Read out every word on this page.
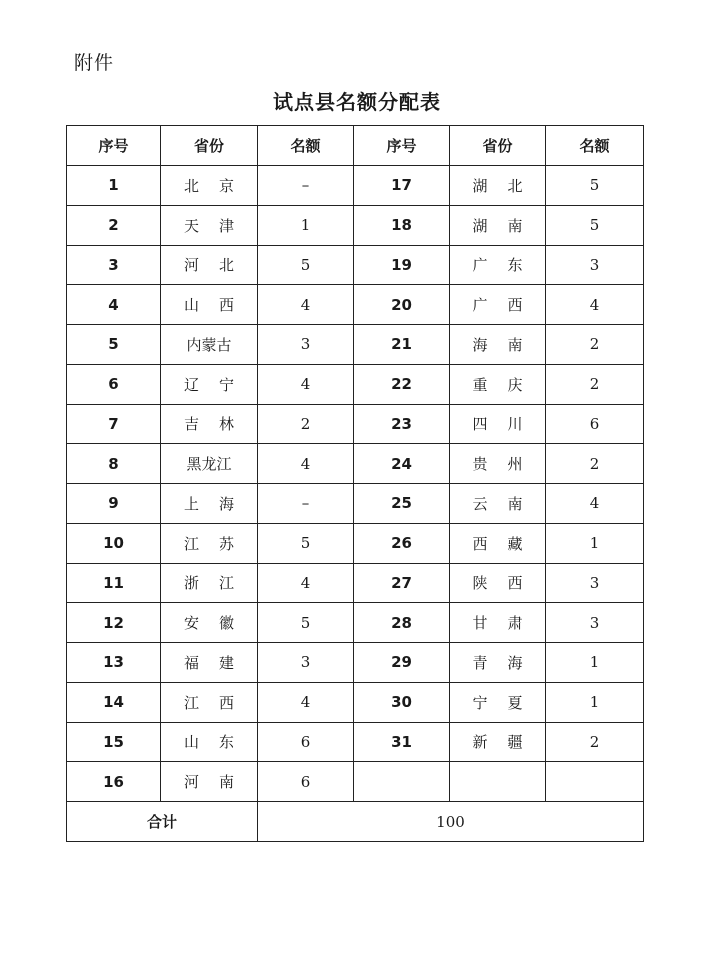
附件
试点县名额分配表
序号	省份	名额	序号	省份	名额
1	北京	–	17	湖北	5
2	天津	1	18	湖南	5
3	河北	5	19	广东	3
4	山西	4	20	广西	4
5	内蒙古	3	21	海南	2
6	辽宁	4	22	重庆	2
7	吉林	2	23	四川	6
8	黑龙江	4	24	贵州	2
9	上海	–	25	云南	4
10	江苏	5	26	西藏	1
11	浙江	4	27	陕西	3
12	安徽	5	28	甘肃	3
13	福建	3	29	青海	1
14	江西	4	30	宁夏	1
15	山东	6	31	新疆	2
16	河南	6			
合计		100			
